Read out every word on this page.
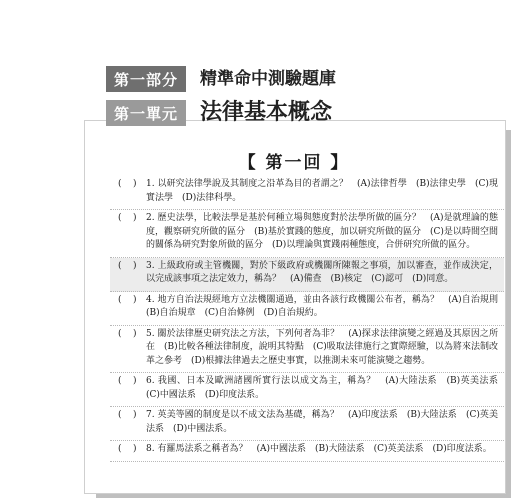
第一部分	精準命中測驗題庫
第一單元	法律基本概念
【 第一回 】
(    ) 1. 以研究法律學說及其制度之沿革為目的者謂之？　(A)法律哲學　(B)法律史學　(C)現實法學　(D)法律科學。
(    ) 2. 歷史法學，比較法學是基於何種立場與態度對於法學所做的區分？　(A)是就理論的態度，觀察研究所做的區分　(B)基於實踐的態度，加以研究所做的區分　(C)是以時間空間的關係為研究對象所做的區分　(D)以理論與實踐兩種態度，合併研究所做的區分。
(    ) 3. 上級政府或主管機關，對於下級政府或機關所陳報之事項，加以審查，並作成決定，以完成該事項之法定效力，稱為？　(A)備查　(B)核定　(C)認可　(D)同意。
(    ) 4. 地方自治法規經地方立法機關通過，並由各該行政機關公布者，稱為？　(A)自治規則　(B)自治規章　(C)自治條例　(D)自治規約。
(    ) 5. 關於法律歷史研究法之方法，下列何者為非？　(A)探求法律演變之經過及其原因之所在　(B)比較各種法律制度，說明其特點　(C)吸取法律施行之實際經驗，以為將來法制改革之參考　(D)根據法律過去之歷史事實，以推測未來可能演變之趨勢。
(    ) 6. 我國、日本及歐洲諸國所實行法以成文為主，稱為？　(A)大陸法系　(B)英美法系　(C)中國法系　(D)印度法系。
(    ) 7. 英美等國的制度是以不成文法為基礎，稱為？　(A)印度法系　(B)大陸法系　(C)英美法系　(D)中國法系。
(    ) 8. 有羅馬法系之稱者為？　(A)中國法系　(B)大陸法系　(C)英美法系　(D)印度法系。
